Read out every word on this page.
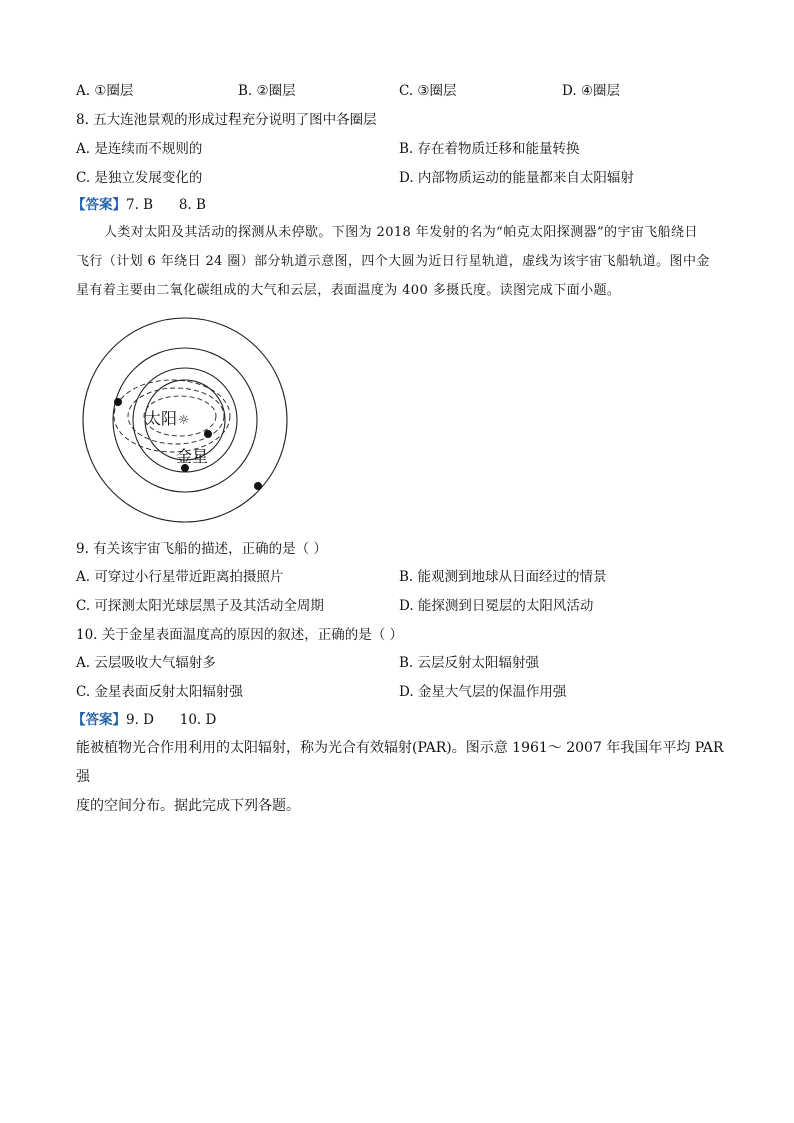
A. ①圈层	B. ②圈层	C. ③圈层	D. ④圈层
8. 五大连池景观的形成过程充分说明了图中各圈层
A. 是连续而不规则的	B. 存在着物质迁移和能量转换
C. 是独立发展变化的	D. 内部物质运动的能量都来自太阳辐射
【答案】7. B      8. B
人类对太阳及其活动的探测从未停歇。下图为 2018 年发射的名为“帕克太阳探测器”的宇宙飞船绕日
飞行（计划 6 年绕日 24 圈）部分轨道示意图，四个大圆为近日行星轨道，虚线为该宇宙飞船轨道。图中金
星有着主要由二氧化碳组成的大气和云层，表面温度为 400 多摄氏度。读图完成下面小题。
太阳 ☼
金星
9. 有关该宇宙飞船的描述，正确的是（ ）
A. 可穿过小行星带近距离拍摄照片	B. 能观测到地球从日面经过的情景
C. 可探测太阳光球层黑子及其活动全周期	D. 能探测到日冕层的太阳风活动
10. 关于金星表面温度高的原因的叙述，正确的是（ ）
A. 云层吸收大气辐射多	B. 云层反射太阳辐射强
C. 金星表面反射太阳辐射强	D. 金星大气层的保温作用强
【答案】9. D      10. D
能被植物光合作用利用的太阳辐射，称为光合有效辐射(PAR)。图示意 1961～ 2007 年我国年平均 PAR 强
度的空间分布。据此完成下列各题。
